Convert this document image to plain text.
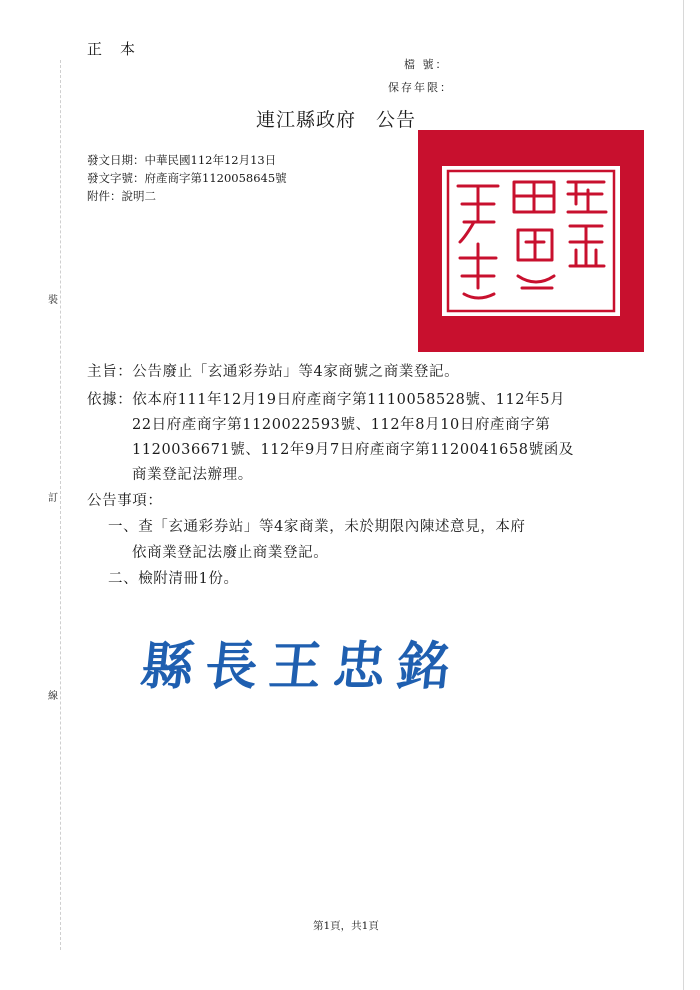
正本
檔 號：
保存年限：
連江縣政府 公告
發文日期：中華民國112年12月13日
發文字號：府產商字第1120058645號
附件：說明二
裝
訂
線
主旨：公告廢止「玄通彩券站」等4家商號之商業登記。
依據：依本府111年12月19日府產商字第1110058528號、112年5月
22日府產商字第1120022593號、112年8月10日府產商字第
1120036671號、112年9月7日府產商字第1120041658號函及
商業登記法辦理。
公告事項：
一、查「玄通彩券站」等4家商業，未於期限內陳述意見，本府
依商業登記法廢止商業登記。
二、檢附清冊1份。
縣長王忠銘
第1頁，共1頁
